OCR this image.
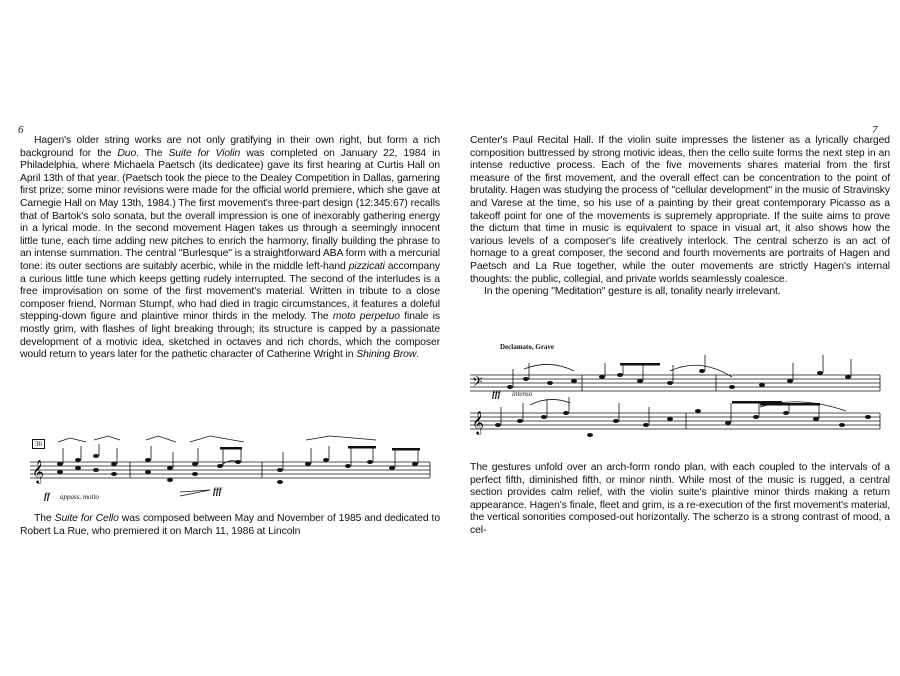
6

Hagen's older string works are not only gratifying in their own right, but form a rich background for the Duo. The Suite for Violin was completed on January 22, 1984 in Philadelphia, where Michaela Paetsch (its dedicatee) gave its first hearing at Curtis Hall on April 13th of that year. (Paetsch took the piece to the Dealey Competition in Dallas, garnering first prize; some minor revisions were made for the official world premiere, which she gave at Carnegie Hall on May 13th, 1984.) The first movement's three-part design (12:345:67) recalls that of Bartok's solo sonata, but the overall impression is one of inexorably gathering energy in a lyrical mode. In the second movement Hagen takes us through a seemingly innocent little tune, each time adding new pitches to enrich the harmony, finally building the phrase to an intense summation. The central "Burlesque" is a straightforward ABA form with a mercurial tone: its outer sections are suitably acerbic, while in the middle left-hand pizzicati accompany a curious little tune which keeps getting rudely interrupted. The second of the interludes is a free improvisation on some of the first movement's material. Written in tribute to a close composer friend, Norman Stumpf, who had died in tragic circumstances, it features a doleful stepping-down figure and plaintive minor thirds in the melody. The moto perpetuo finale is mostly grim, with flashes of light breaking through; its structure is capped by a passionate development of a motivic idea, sketched in octaves and rich chords, which the composer would return to years later for the pathetic character of Catherine Wright in Shining Brow.

𝄞
36
ff appass. molto
fff

The Suite for Cello was composed between May and November of 1985 and dedicated to Robert La Rue, who premiered it on March 11, 1986 at Lincoln

7

Center's Paul Recital Hall. If the violin suite impresses the listener as a lyrically charged composition buttressed by strong motivic ideas, then the cello suite forms the next step in an intense reductive process. Each of the five movements shares material from the first measure of the first movement, and the overall effect can be concentration to the point of brutality. Hagen was studying the process of "cellular development" in the music of Stravinsky and Varese at the time, so his use of a painting by their great contemporary Picasso as a takeoff point for one of the movements is supremely appropriate. If the suite aims to prove the dictum that time in music is equivalent to space in visual art, it also shows how the various levels of a composer's life creatively interlock. The central scherzo is an act of homage to a great composer, the second and fourth movements are portraits of Hagen and Paetsch and La Rue together, while the outer movements are strictly Hagen's internal thoughts: the public, collegial, and private worlds seamlessly coalesce.

In the opening "Meditation" gesture is all, tonality nearly irrelevant.

𝄢
𝄞
Declamato, Grave
fff intenso

The gestures unfold over an arch-form rondo plan, with each coupled to the intervals of a perfect fifth, diminished fifth, or minor ninth. While most of the music is rugged, a central section provides calm relief, with the violin suite's plaintive minor thirds making a return appearance. Hagen's finale, fleet and grim, is a re-execution of the first movement's material, the vertical sonorities composed-out horizontally. The scherzo is a strong contrast of mood, a cel-
